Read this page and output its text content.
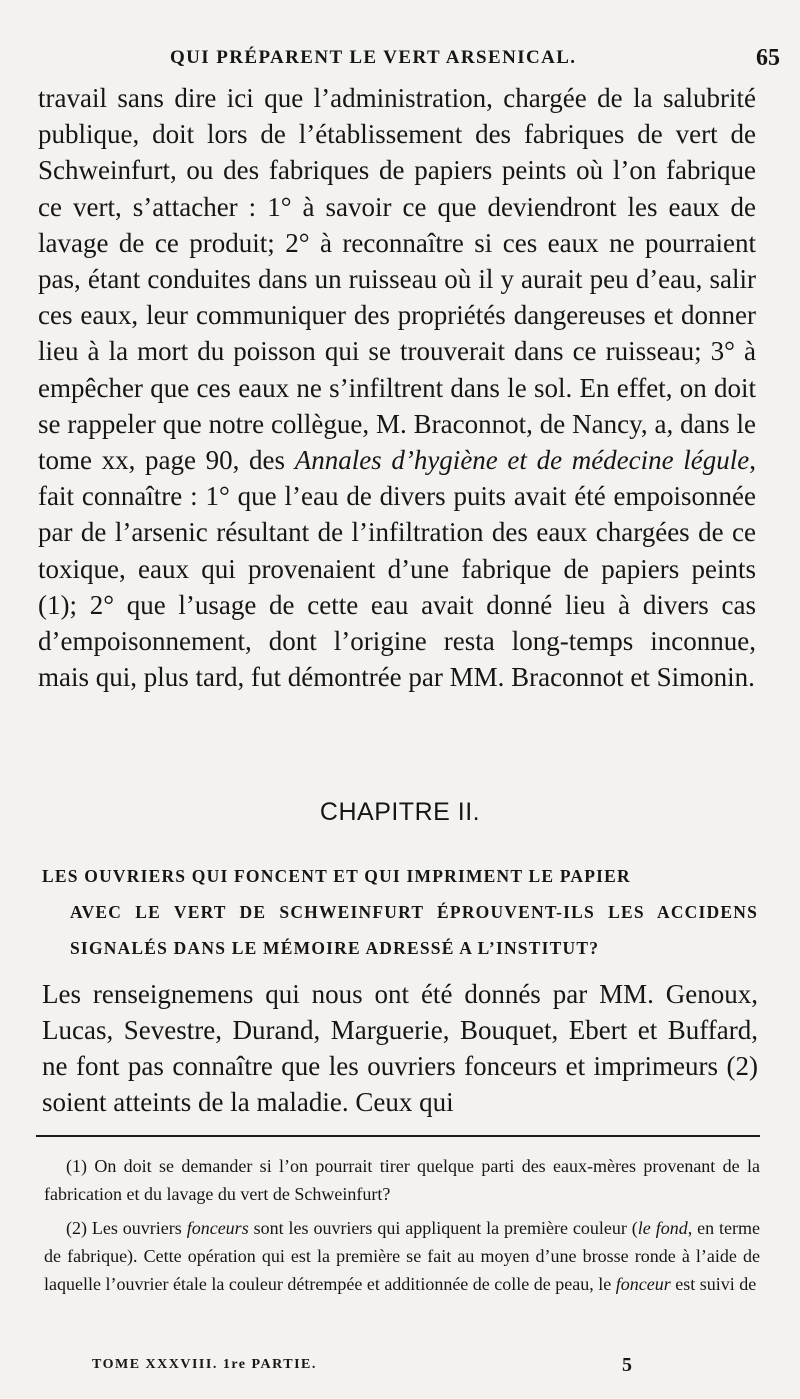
QUI PRÉPARENT LE VERT ARSENICAL.	65

travail sans dire ici que l’administration, chargée de la salubrité publique, doit lors de l’établissement des fabriques de vert de Schweinfurt, ou des fabriques de papiers peints où l’on fabrique ce vert, s’attacher : 1° à savoir ce que deviendront les eaux de lavage de ce produit; 2° à reconnaître si ces eaux ne pourraient pas, étant conduites dans un ruisseau où il y aurait peu d’eau, salir ces eaux, leur communiquer des propriétés dangereuses et donner lieu à la mort du poisson qui se trouverait dans ce ruisseau; 3° à empêcher que ces eaux ne s’infiltrent dans le sol. En effet, on doit se rappeler que notre collègue, M. Braconnot, de Nancy, a, dans le tome xx, page 90, des Annales d’hygiène et de médecine légule, fait connaître : 1° que l’eau de divers puits avait été empoisonnée par de l’arsenic résultant de l’infiltration des eaux chargées de ce toxique, eaux qui provenaient d’une fabrique de papiers peints (1); 2° que l’usage de cette eau avait donné lieu à divers cas d’empoisonnement, dont l’origine resta long-temps inconnue, mais qui, plus tard, fut démontrée par MM. Braconnot et Simonin.

CHAPITRE II.
LES OUVRIERS QUI FONCENT ET QUI IMPRIMENT LE PAPIER
AVEC LE VERT DE SCHWEINFURT ÉPROUVENT-ILS LES ACCIDENS SIGNALÉS DANS LE MÉMOIRE ADRESSÉ A L’INSTITUT?
Les renseignemens qui nous ont été donnés par MM. Genoux, Lucas, Sevestre, Durand, Marguerie, Bouquet, Ebert et Buffard, ne font pas connaître que les ouvriers fonceurs et imprimeurs (2) soient atteints de la maladie. Ceux qui

(1) On doit se demander si l’on pourrait tirer quelque parti des eaux-mères provenant de la fabrication et du lavage du vert de Schweinfurt?

(2) Les ouvriers fonceurs sont les ouvriers qui appliquent la première couleur (le fond, en terme de fabrique). Cette opération qui est la première se fait au moyen d’une brosse ronde à l’aide de laquelle l’ouvrier étale la couleur détrempée et additionnée de colle de peau, le fonceur est suivi de

TOME XXXVIII. 1re PARTIE.	5
